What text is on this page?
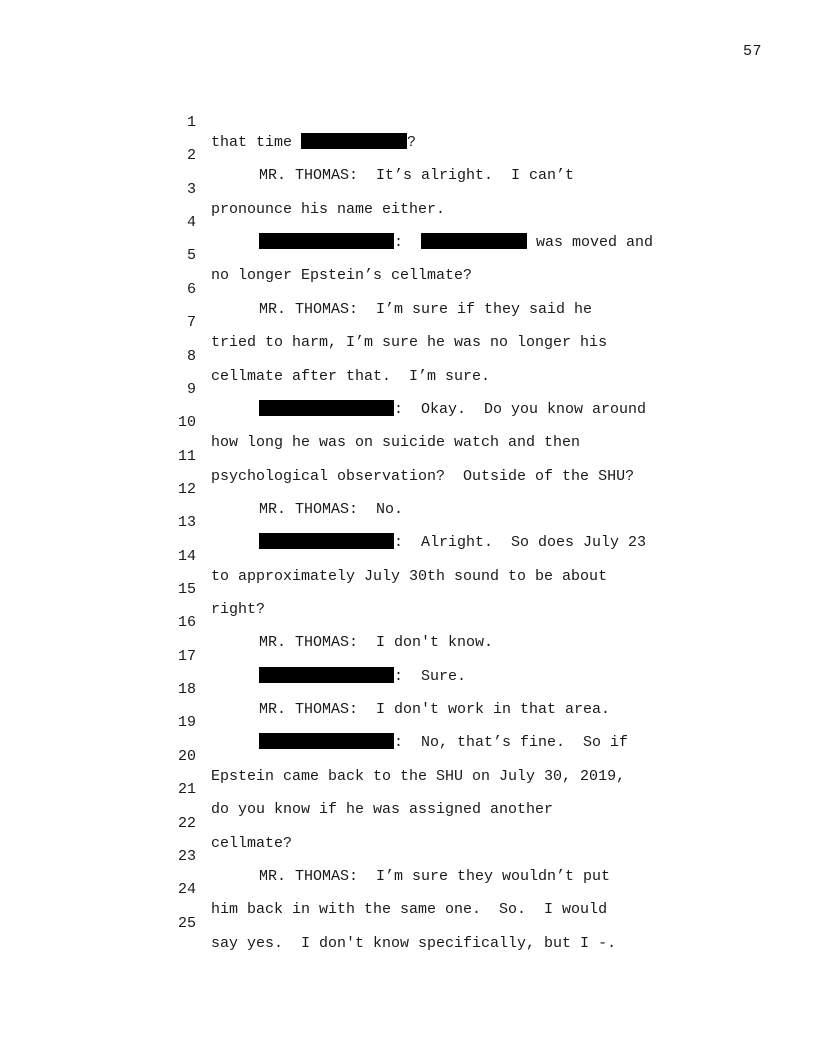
57

1

that time	?

2

MR. THOMAS:  It’s alright.  I can’t

3

pronounce his name either.

4

:	was moved and

5

no longer Epstein’s cellmate?

6

MR. THOMAS:  I’m sure if they said he

7

tried to harm, I’m sure he was no longer his

8

cellmate after that.  I’m sure.

9

:  Okay.  Do you know around

10

how long he was on suicide watch and then

11

psychological observation?  Outside of the SHU?

12

MR. THOMAS:  No.

13

:  Alright.  So does July 23

14

to approximately July 30th sound to be about

15

right?

16

MR. THOMAS:  I don't know.

17

:  Sure.

18

MR. THOMAS:  I don't work in that area.

19

:  No, that’s fine.  So if

20

Epstein came back to the SHU on July 30, 2019,

21

do you know if he was assigned another

22

cellmate?

23

MR. THOMAS:  I’m sure they wouldn’t put

24

him back in with the same one.  So.  I would

25

say yes.  I don't know specifically, but I -.
